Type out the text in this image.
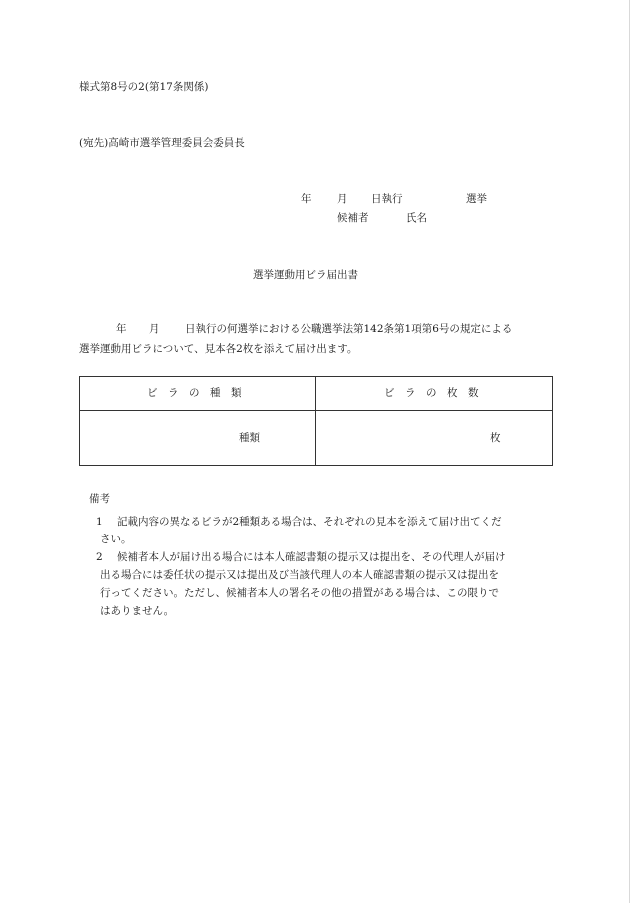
様式第8号の2(第17条関係)
(宛先)高崎市選挙管理委員会委員長
年 月 日執行	選挙
候補者	氏名
選挙運動用ビラ届出書
年 月 日執行の何選挙における公職選挙法第142条第1項第6号の規定による
選挙運動用ビラについて、見本各2枚を添えて届け出ます。
ビ　ラ　の　種　類	ビ　ラ　の　枚　数

種類	枚
備考
1 記載内容の異なるビラが2種類ある場合は、それぞれの見本を添えて届け出てくだ
さい。
2 候補者本人が届け出る場合には本人確認書類の提示又は提出を、その代理人が届け
出る場合には委任状の提示又は提出及び当該代理人の本人確認書類の提示又は提出を
行ってください。ただし、候補者本人の署名その他の措置がある場合は、この限りで
はありません。
